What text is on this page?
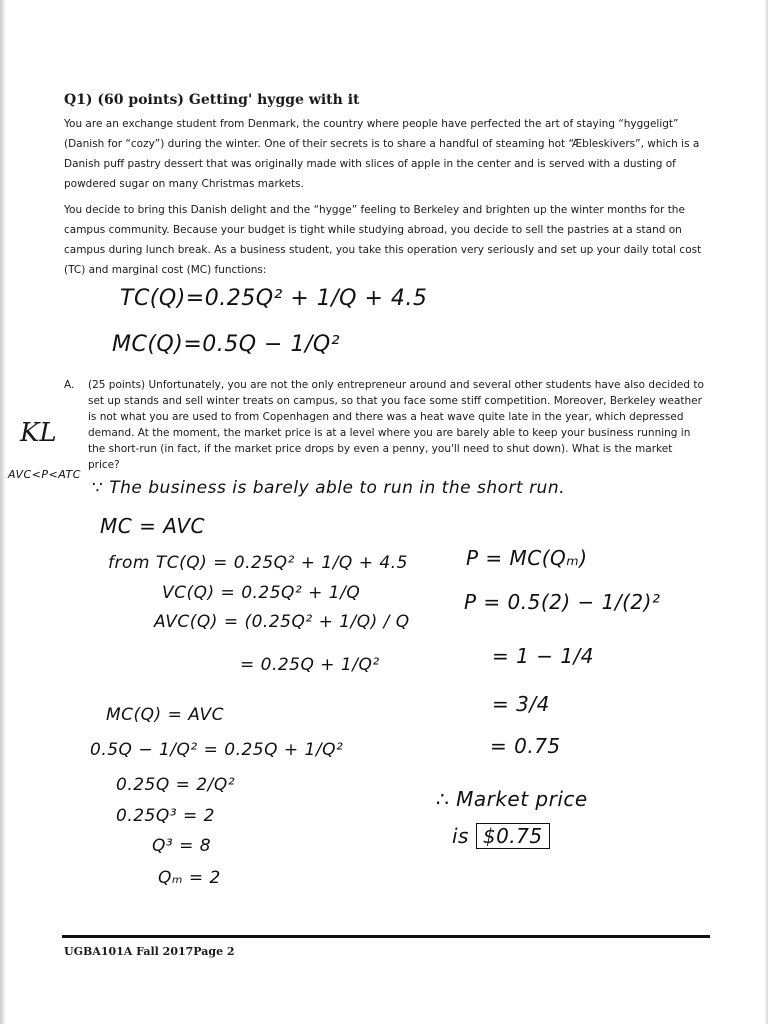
Q1) (60 points) Getting' hygge with it
You are an exchange student from Denmark, the country where people have perfected the art of staying “hyggeligt” (Danish for “cozy”) during the winter. One of their secrets is to share a handful of steaming hot “Æbleskivers”, which is a Danish puff pastry dessert that was originally made with slices of apple in the center and is served with a dusting of powdered sugar on many Christmas markets.
You decide to bring this Danish delight and the “hygge” feeling to Berkeley and brighten up the winter months for the campus community. Because your budget is tight while studying abroad, you decide to sell the pastries at a stand on campus during lunch break. As a business student, you take this operation very seriously and set up your daily total cost (TC) and marginal cost (MC) functions:
TC(Q)=0.25Q² + 1/Q + 4.5
MC(Q)=0.5Q − 1/Q²
A. (25 points) Unfortunately, you are not the only entrepreneur around and several other students have also decided to set up stands and sell winter treats on campus, so that you face some stiff competition. Moreover, Berkeley weather is not what you are used to from Copenhagen and there was a heat wave quite late in the year, which depressed demand. At the moment, the market price is at a level where you are barely able to keep your business running in the short-run (in fact, if the market price drops by even a penny, you'll need to shut down). What is the market price?
KL
AVC<P<ATC
∵ The business is barely able to run in the short run.
MC = AVC
from TC(Q) = 0.25Q² + 1/Q + 4.5
VC(Q) = 0.25Q² + 1/Q
AVC(Q) = (0.25Q² + 1/Q) / Q
= 0.25Q + 1/Q²
MC(Q) = AVC
0.5Q − 1/Q² = 0.25Q + 1/Q²
0.25Q = 2/Q²
0.25Q³ = 2
Q³ = 8
Qₘ = 2
P = MC(Qₘ)
P = 0.5(2) − 1/(2)²
= 1 − 1/4
= 3/4
= 0.75
∴ Market price
is $0.75
UGBA101A Fall 2017Page 2
